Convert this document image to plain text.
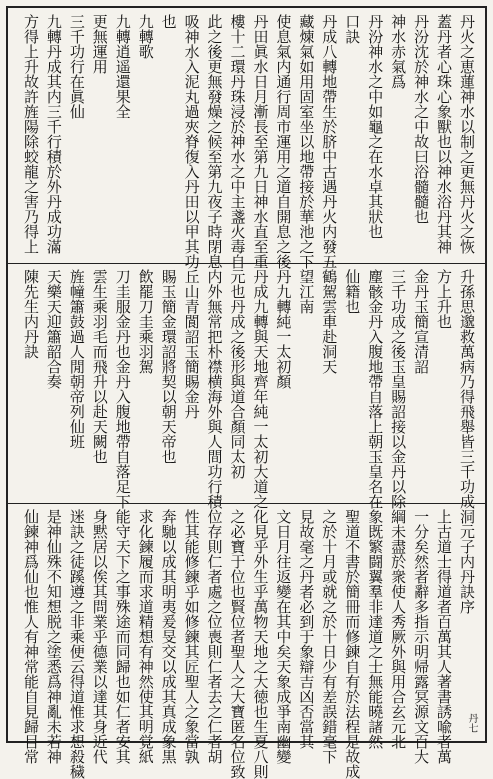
丹火之恵蓮神水以制之更無丹火之恢
蓋丹者心珠心象獸也以神水浴丹其神
丹汾沈於神水之中故曰浴髓髓也
神水赤氣爲
丹汾神水之中如龜之在水卓其狀也
口訣
丹成八轉地帶生於脐中古遇丹火内發五
藏煉氣如用固室坐以地帶接於華池之下
使息氣内通行周市運用之道自開息之後
丹田眞水日月漸長至第九日神水直至重
樓十二環丹珠浸於神水之中主盞火毒自
此之後更無發燥之候至第九夜子時閉息
吸神水入泥丸過夾脊復入丹田以甲其功
也
九轉歌
九轉逍遥還果全
更無運用
三千功行在眞仙
九轉丹成其内三千行積於外丹成功滿
方得上升故許旌陽除蛟龍之害乃得上
升孫思邈救萬病乃得飛舉皆三千功成
方上升也
金丹玉簡宣清詔
三千功成之後玉皇賜詔接以金丹以除
塵骸金丹入腹地帶自落上朝玉皇名在
仙籍也
鶴駕雲車赴洞天
望江南
丹九轉純一太初顏
丹成九轉與天地齊年純一太初大道之
元也丹成之後形與道合顏同太初
内外無常把朴襟横海外與人間功行積
丘山青閬詔玉簡賜金丹
賜玉簡金環詔將契以朝天帝也
飲罷刀圭乘羽駕
刀圭服金丹也金丹入腹地帶自落足下
雲生乘羽毛而飛升以赴天闕也
旌幢簫鼓過人閒朝帝列仙班
天樂天迎簫韶合奏
陳先生内丹訣
洞元子内丹訣序
上古道士得道者百萬其人著書誘喩者萬
一分矣然者辭多指示明帰露冥源文百大
綱未盡於衆使人秀厥外與用合玄元北
象既繁闘翼羣非達道之士無能曉諸然
聖道不書於簡冊而修鍊自有於法程是故成
之於十月或就之於十日少有差誤錯毫下
見故毫之丹者必到于象辯吉凶否當其
文日月往返變在其中矣天象成爭南幽變
化見乎外生乎萬物天地之大徳也生夏八則
之必寶于位也賢位者聖人之大寶匿名位致
位存則仁者處之位喪則仁者去之仁者胡
性其能修鍊乎如修鍊其匠聖人之象當孰
奔馳以成其明夷爰旻交以成其真成象黒
求化鍊履而求道精想有神然使其明覚紙
能守天下之事殊途而同歸也如仁者安其
身黙居以俟其問業乎德業以達其身近代
迷訣之徒蹊遵之非乘便云得道惟求想殺穢
是神仙殊不知想脱之塗悉爲神亂未若神
仙鍊神爲仙也惟人有神常能自見歸目常	丹七
